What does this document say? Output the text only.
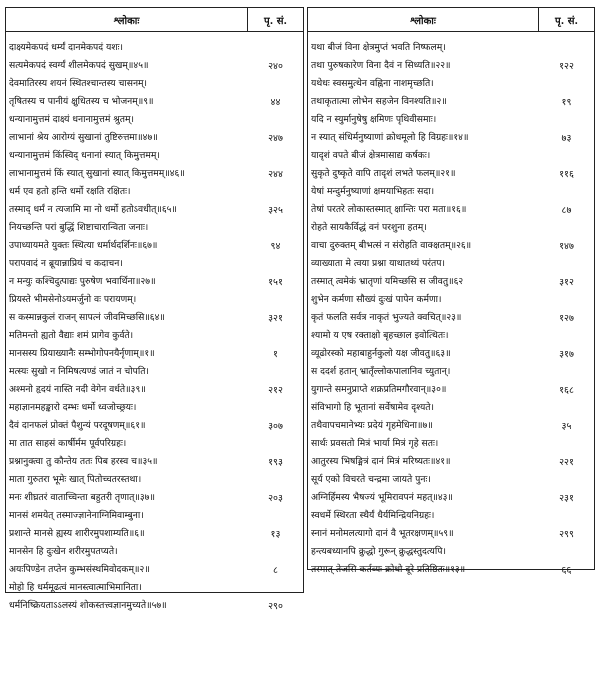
श्लोकाः	पृ. सं.
दाक्ष्यमेकपदं धर्म्यं दानमेकपदं यशः।
सत्यमेकपदं स्वर्ग्यं शीलमेकपदं सुखम्॥४५॥
देवमातिरस्य शयनं स्थितश्चान्तस्य चासनम्।
तृषितस्य च पानीयं क्षुधितस्य च भोजनम्॥९॥
धन्यानामुत्तमं दाक्ष्यं धनानामुत्तमं श्रुतम्।
लाभानां श्रेय आरोग्यं सुखानां तुष्टिरुत्तमा॥४७॥
धन्यानामुत्तमं किंस्विद् धनानां स्यात् किमुत्तमम्।
लाभानामुत्तमं किं स्यात् सुखानां स्यात् किमुत्तमम्॥४६॥
धर्म एव हतो हन्ति धर्मो रक्षति रक्षितः।
तस्माद् धर्मं न त्यजामि मा नो धर्मो हतोऽवधीत्॥६५॥
नियच्छन्ति परां बुद्धिं शिष्टाचारान्विता जनाः।
उपाध्यायमते युक्तः स्थित्या धर्मार्थदर्शिनः॥६७॥
परापवादं न ब्रूयान्नाप्रियं च कदाचन।
न मन्युः कश्चिदुत्पाद्यः पुरुषेण भवार्थिना॥२७॥
प्रियस्ते भीमसेनोऽयमर्जुनो वः परायणम्।
स कस्मान्नकुलं राजन् सापत्नं जीवमिच्छसि॥६४॥
मतिमन्तो ह्यतो वैद्याः शमं प्रागेव कुर्वते।
मानसस्य प्रियाख्यानैः सम्भोगोपनयैर्नृणाम्॥१॥
मत्स्यः सुखो न निमिषत्यण्डं जातं न चोपति।
अश्मनो हृदयं नास्ति नदी वेगेन वर्धते॥३९॥
महाज्ञानमहङ्कारो दम्भः धर्मो ध्वजोच्छ्रयः।
दैवं दानफलं प्रोक्तं पैशुन्यं परदूषणम्॥६१॥
मा तात साहसं कार्षीर्मम पूर्वपरिग्रहः।
प्रश्नानुक्त्वा तु कौन्तेय ततः पिब हरस्व च॥३५॥
माता गुरुतरा भूमेः खात् पितोच्चतरस्तथा।
मनः शीघ्रतरं वाताच्चिन्ता बहुतरी तृणात्॥३७॥
मानसं शमयेत् तस्माज्ज्ञानेनाग्निमिवाम्बुना।
प्रशान्ते मानसे ह्यस्य शारीरमुपशाम्यति॥६॥
मानसेन हि दुःखेन शरीरमुपतप्यते।
अयःपिण्डेन तप्तेन कुम्भसंस्थमिवोदकम्॥२॥
मोहो हि धर्ममूढत्वं मानस्त्वात्माभिमानिता।
धर्मनिष्क्रियताऽऽलस्यं शोकस्तत्त्वज्ञानमुच्यते॥५७॥
२४०
४४
२४७
२४४
३२५
९४
१५१
३२१
१
२१२
३०७
१९३
२०३
१३
८
२९०
श्लोकाः	पृ. सं.
यथा बीजं विना क्षेत्रमुप्तं भवति निष्फलम्।
तथा पुरुषकारेण विना दैवं न सिध्यति॥२२॥
यथेधः स्वसमुत्थेन वह्निना नाशमृच्छति।
तथाकृतात्मा लोभेन सहजेन विनश्यति॥२॥
यदि न स्युर्मानुषेषु क्षमिणः पृथिवीसमाः।
न स्यात् संधिर्मनुष्याणां क्रोधमूलो हि विग्रहः॥१४॥
यादृशं वपते बीजं क्षेत्रमासाद्य कर्षकः।
सुकृते दुष्कृते वापि तादृशं लभते फलम्॥२१॥
येषां मन्दुर्मनुष्याणां क्षमयाभिहतः सदा।
तेषां परतरे लोकास्तस्मात् क्षान्तिः परा मता॥१६॥
रोहते सायकैर्विद्धं वनं परशुना हतम्।
वाचा दुरुक्तम् बीभत्सं न संरोहति वाक्क्षतम्॥२६॥
व्याख्याता मे त्वया प्रश्ना याथातथ्यं परंतप।
तस्मात् त्वमेकं भ्रातृणां यमिच्छसि स जीवतु॥६२
शुभेन कर्मणा सौख्यं दुःखं पापेन कर्मणा।
कृतं फलति सर्वत्र नाकृतं भुज्यते क्वचित्॥२३॥
श्यामो य एष रक्ताक्षो बृहच्छाल इवोत्थितः।
व्यूढोरस्को महाबाहुर्नकुलो यक्ष जीवतु॥६३॥
स ददर्श हतान् भ्रातृँल्लोकपालानिव च्युतान्।
युगान्ते समनुप्राप्ते शक्रप्रतिमगौरवान्॥३०॥
संविभागो हि भूतानां सर्वेषामेव दृश्यते।
तथैवापचमानेभ्यः प्रदेयं गृहमेधिना॥७॥
सार्थः प्रवसतो मित्रं भार्या मित्रं गृहे सतः।
आतुरस्य भिषङ्मित्रं दानं मित्रं मरिष्यतः॥४१॥
सूर्य एको विचरते चन्द्रमा जायते पुनः।
अग्निर्हिमस्य भैषज्यं भूमिरावपनं महत्॥४३॥
स्वधर्मे स्थिरता स्थैर्यं धैर्यमिन्द्रियनिग्रहः।
स्नानं मनोमलत्यागो दानं वै भूतरक्षणम्॥५९॥
हन्त्यबध्यानपि क्रुद्धो गुरून् क्रुद्धस्तुदत्यपि।
तस्मात् तेजसि कर्तव्यः क्रोधो दूरे प्रतिष्ठितः॥१३॥
१२२
१९
७३
११६
८७
१४७
३१२
१२७
३१७
१६८
३५
२२१
२३१
२९९
६६
